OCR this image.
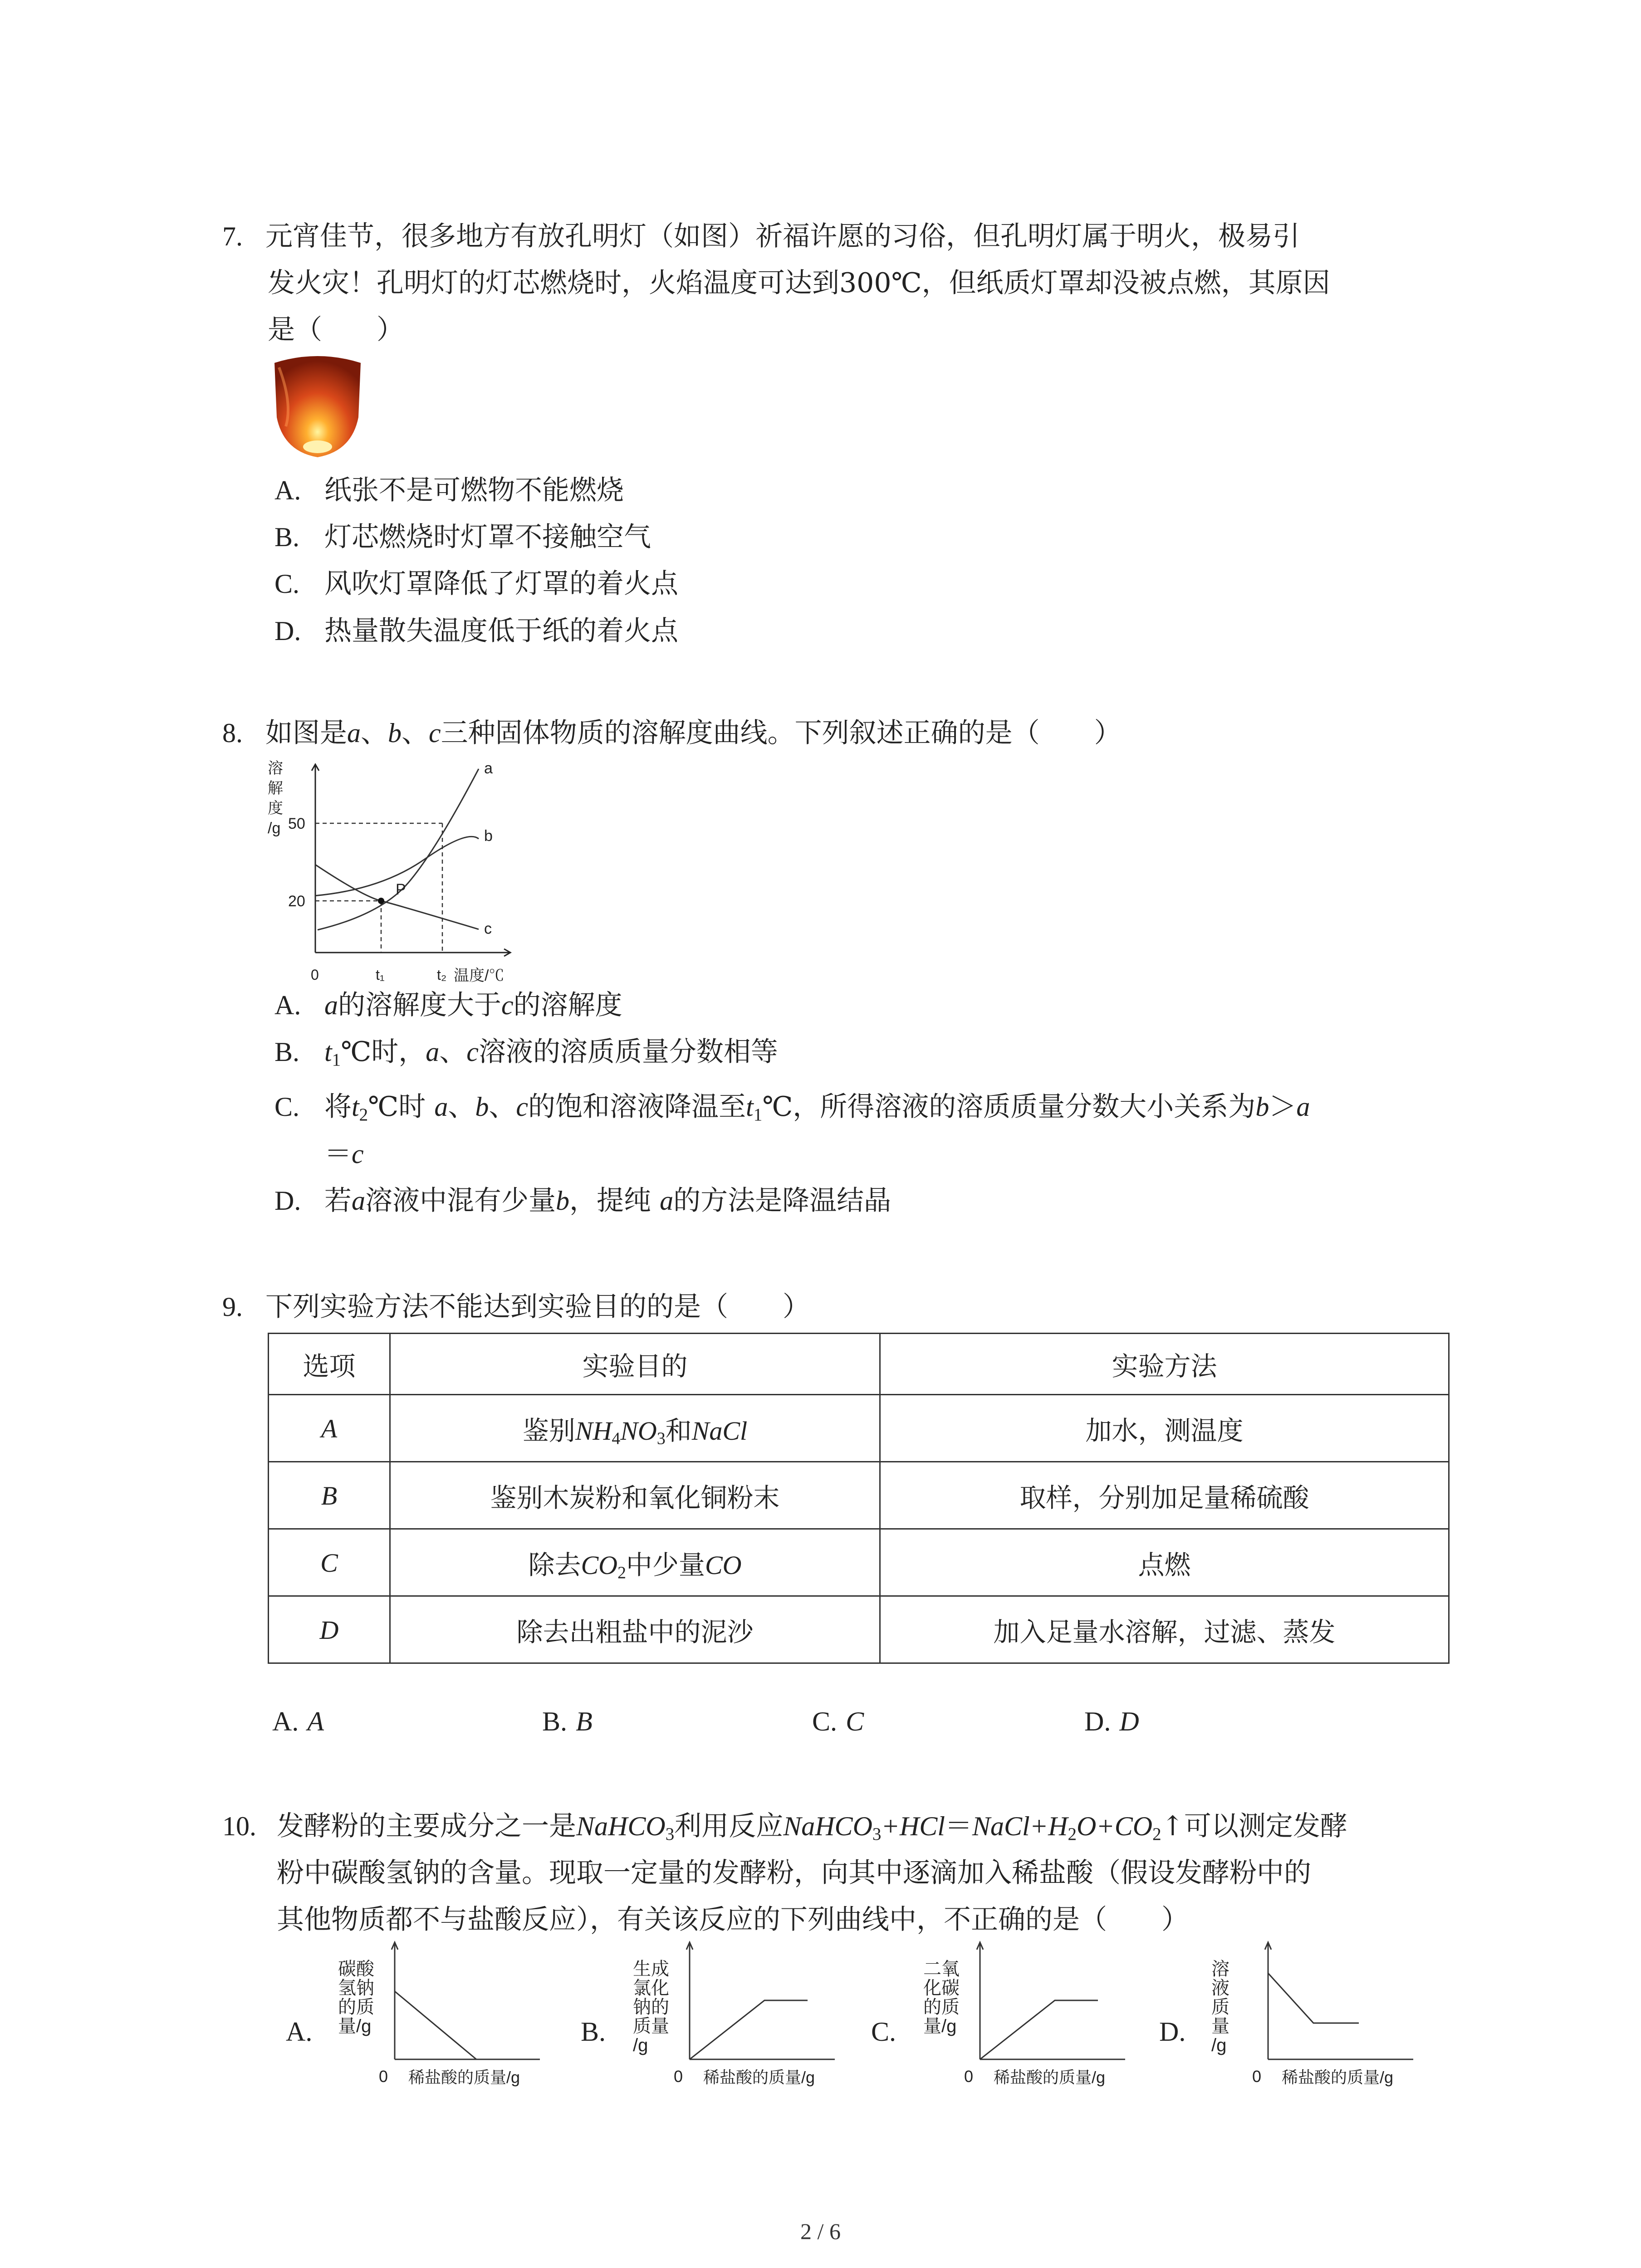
7. 元宵佳节，很多地方有放孔明灯（如图）祈福许愿的习俗，但孔明灯属于明火，极易引
发火灾！孔明灯的灯芯燃烧时，火焰温度可达到300℃，但纸质灯罩却没被点燃，其原因
是（　　）
A. 纸张不是可燃物不能燃烧
B. 灯芯燃烧时灯罩不接触空气
C. 风吹灯罩降低了灯罩的着火点
D. 热量散失温度低于纸的着火点
8. 如图是a、b、c三种固体物质的溶解度曲线。下列叙述正确的是（　　）
溶
解
度
/g
20
50
0	t₁	t₂ 温度/℃
a
b
c
P
A. a的溶解度大于c的溶解度
B. $t_1℃$时，a、c溶液的溶质质量分数相等
C. 将$t_2℃$时 a、b、c的饱和溶液降温至$t_1℃$，所得溶液的溶质质量分数大小关系为b＞a
＝c
D. 若a溶液中混有少量b，提纯 a的方法是降温结晶
9. 下列实验方法不能达到实验目的的是（　　）
选项	实验目的	实验方法
A	鉴别$NH_4NO_3$和NaCl	加水，测温度
B	鉴别木炭粉和氧化铜粉末	取样，分别加足量稀硫酸
C	除去$CO_2$中少量CO	点燃
D	除去出粗盐中的泥沙	加入足量水溶解，过滤、蒸发
A. A	B. B	C. C	D. D
10. 发酵粉的主要成分之一是NaHCO$_3$利用反应$NaHCO_3+HCl=NaCl+H_2O+CO_2↑$可以测定发酵
粉中碳酸氢钠的含量。现取一定量的发酵粉，向其中逐滴加入稀盐酸（假设发酵粉中的
其他物质都不与盐酸反应），有关该反应的下列曲线中，不正确的是（　　）
A.
碳酸
氢钠
的质
量/g
0 稀盐酸的质量/g
B.
生成
氯化
钠的
质量
/g
0 稀盐酸的质量/g
C.
二氧
化碳
的质
量/g
0 稀盐酸的质量/g
D.
溶
液
质
量
/g
0 稀盐酸的质量/g
2 / 6
